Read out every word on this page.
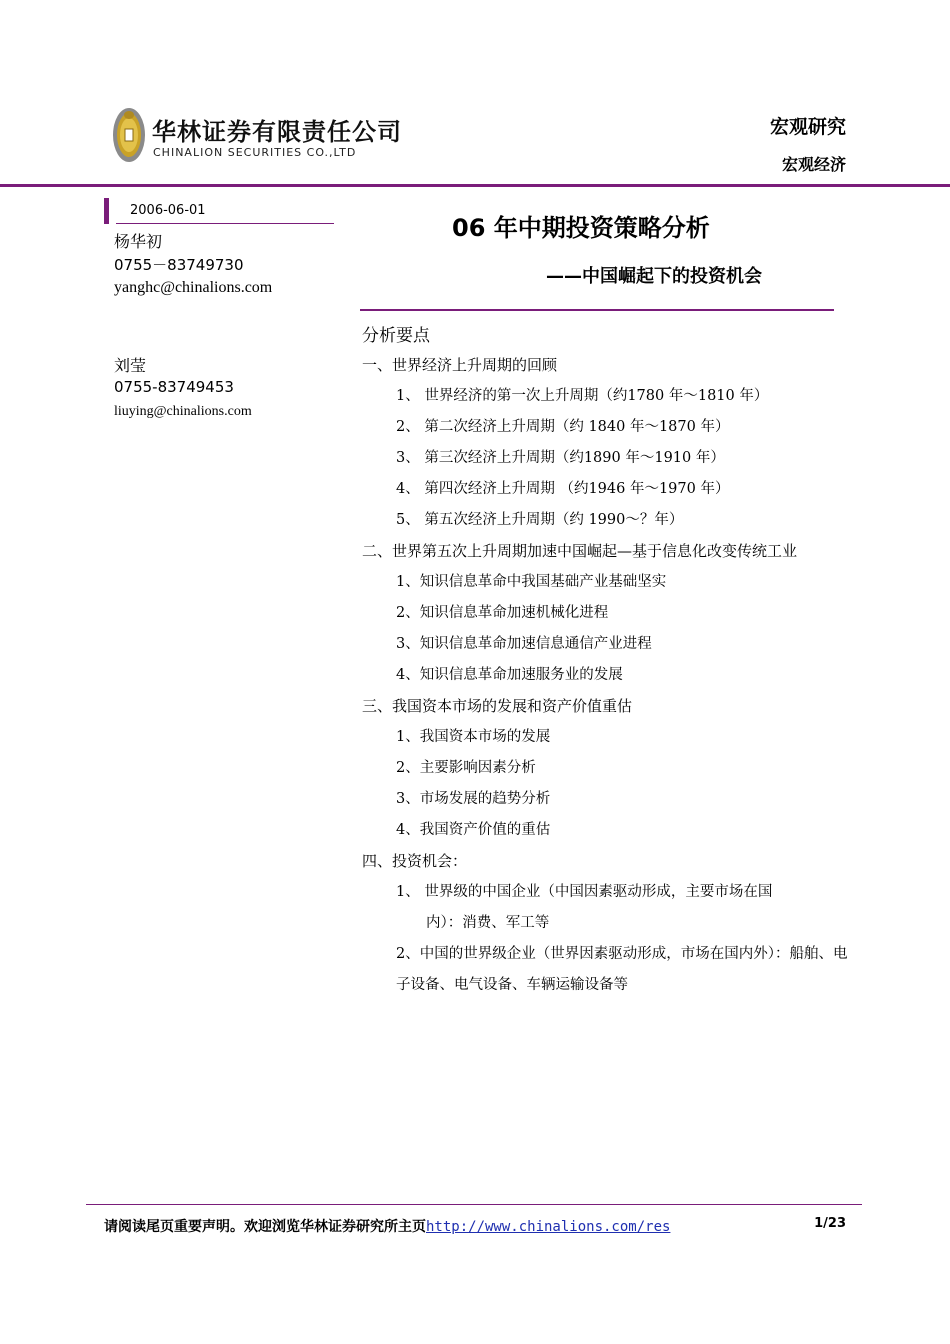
华林证券有限责任公司
CHINALION SECURITIES CO.,LTD
宏观研究
宏观经济
2006-06-01
杨华初
0755－83749730
yanghc@chinalions.com
刘莹
0755-83749453
liuying@chinalions.com
06 年中期投资策略分析
——中国崛起下的投资机会
分析要点
一、世界经济上升周期的回顾
1、 世界经济的第一次上升周期（约1780 年～1810 年）
2、 第二次经济上升周期（约 1840 年～1870 年）
3、 第三次经济上升周期（约1890 年～1910 年）
4、 第四次经济上升周期 （约1946 年～1970 年）
5、 第五次经济上升周期（约 1990～？年）
二、世界第五次上升周期加速中国崛起—基于信息化改变传统工业
1、知识信息革命中我国基础产业基础坚实
2、知识信息革命加速机械化进程
3、知识信息革命加速信息通信产业进程
4、知识信息革命加速服务业的发展
三、我国资本市场的发展和资产价值重估
1、我国资本市场的发展
2、主要影响因素分析
3、市场发展的趋势分析
4、我国资产价值的重估
四、投资机会：
1、 世界级的中国企业（中国因素驱动形成，主要市场在国
内）：消费、军工等
2、中国的世界级企业（世界因素驱动形成，市场在国内外）：船舶、电子设备、电气设备、车辆运输设备等
请阅读尾页重要声明。欢迎浏览华林证券研究所主页http://www.chinalions.com/res	1/23
